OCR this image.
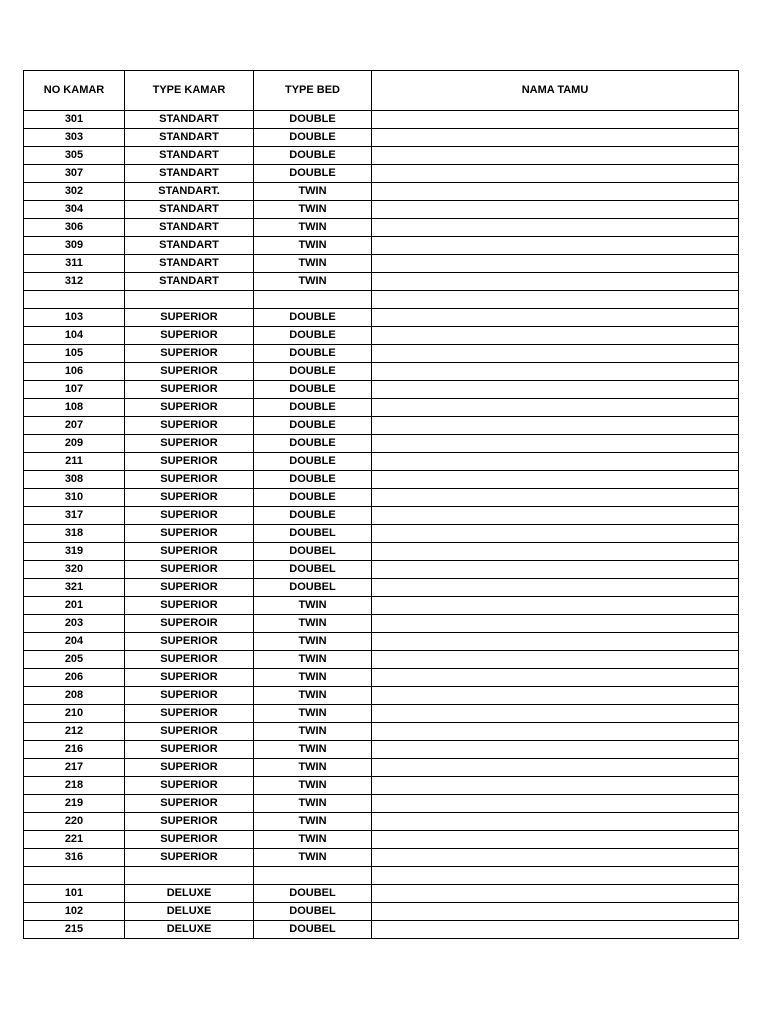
NO KAMAR	TYPE KAMAR	TYPE BED	NAMA TAMU
301	STANDART	DOUBLE	
303	STANDART	DOUBLE	
305	STANDART	DOUBLE	
307	STANDART	DOUBLE	
302	STANDART.	TWIN	
304	STANDART	TWIN	
306	STANDART	TWIN	
309	STANDART	TWIN	
311	STANDART	TWIN	
312	STANDART	TWIN	

103	SUPERIOR	DOUBLE	
104	SUPERIOR	DOUBLE	
105	SUPERIOR	DOUBLE	
106	SUPERIOR	DOUBLE	
107	SUPERIOR	DOUBLE	
108	SUPERIOR	DOUBLE	
207	SUPERIOR	DOUBLE	
209	SUPERIOR	DOUBLE	
211	SUPERIOR	DOUBLE	
308	SUPERIOR	DOUBLE	
310	SUPERIOR	DOUBLE	
317	SUPERIOR	DOUBLE	
318	SUPERIOR	DOUBEL	
319	SUPERIOR	DOUBEL	
320	SUPERIOR	DOUBEL	
321	SUPERIOR	DOUBEL	
201	SUPERIOR	TWIN	
203	SUPEROIR	TWIN	
204	SUPERIOR	TWIN	
205	SUPERIOR	TWIN	
206	SUPERIOR	TWIN	
208	SUPERIOR	TWIN	
210	SUPERIOR	TWIN	
212	SUPERIOR	TWIN	
216	SUPERIOR	TWIN	
217	SUPERIOR	TWIN	
218	SUPERIOR	TWIN	
219	SUPERIOR	TWIN	
220	SUPERIOR	TWIN	
221	SUPERIOR	TWIN	
316	SUPERIOR	TWIN	

101	DELUXE	DOUBEL	
102	DELUXE	DOUBEL	
215	DELUXE	DOUBEL	
